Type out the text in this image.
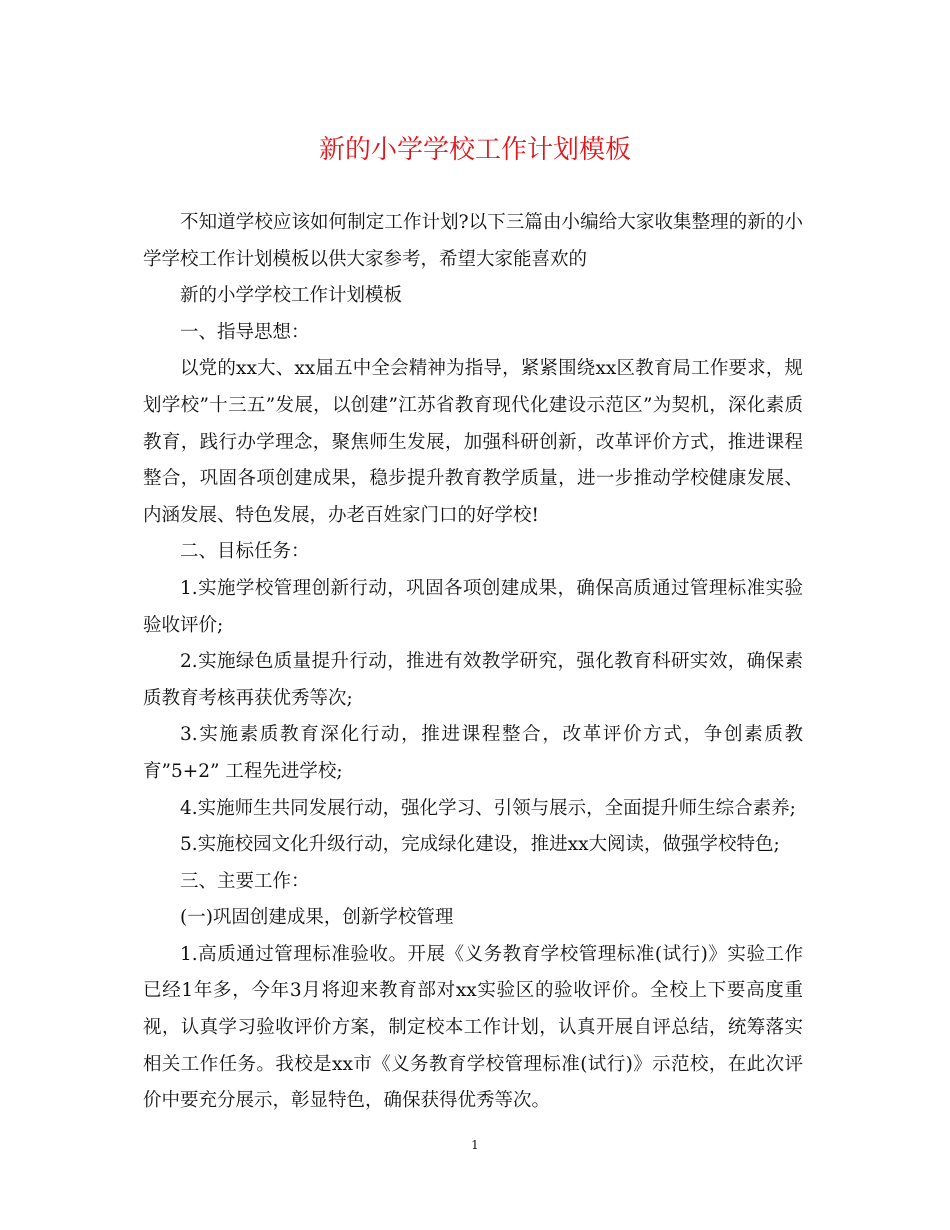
新的小学学校工作计划模板

不知道学校应该如何制定工作计划?以下三篇由小编给大家收集整理的新的小学学校工作计划模板以供大家参考，希望大家能喜欢的

新的小学学校工作计划模板

一、指导思想：

以党的xx大、xx届五中全会精神为指导，紧紧围绕xx区教育局工作要求，规划学校”十三五”发展，以创建”江苏省教育现代化建设示范区”为契机，深化素质教育，践行办学理念，聚焦师生发展，加强科研创新，改革评价方式，推进课程整合，巩固各项创建成果，稳步提升教育教学质量，进一步推动学校健康发展、内涵发展、特色发展，办老百姓家门口的好学校!

二、目标任务：

1.实施学校管理创新行动，巩固各项创建成果，确保高质通过管理标准实验验收评价;

2.实施绿色质量提升行动，推进有效教学研究，强化教育科研实效，确保素质教育考核再获优秀等次;

3.实施素质教育深化行动，推进课程整合，改革评价方式，争创素质教育”5+2” 工程先进学校;

4.实施师生共同发展行动，强化学习、引领与展示，全面提升师生综合素养;

5.实施校园文化升级行动，完成绿化建设，推进xx大阅读，做强学校特色;

三、主要工作：

(一)巩固创建成果，创新学校管理

1.高质通过管理标准验收。开展《义务教育学校管理标准(试行)》实验工作已经1年多，今年3月将迎来教育部对xx实验区的验收评价。全校上下要高度重视，认真学习验收评价方案，制定校本工作计划，认真开展自评总结，统筹落实相关工作任务。我校是xx市《义务教育学校管理标准(试行)》示范校，在此次评价中要充分展示，彰显特色，确保获得优秀等次。

1
